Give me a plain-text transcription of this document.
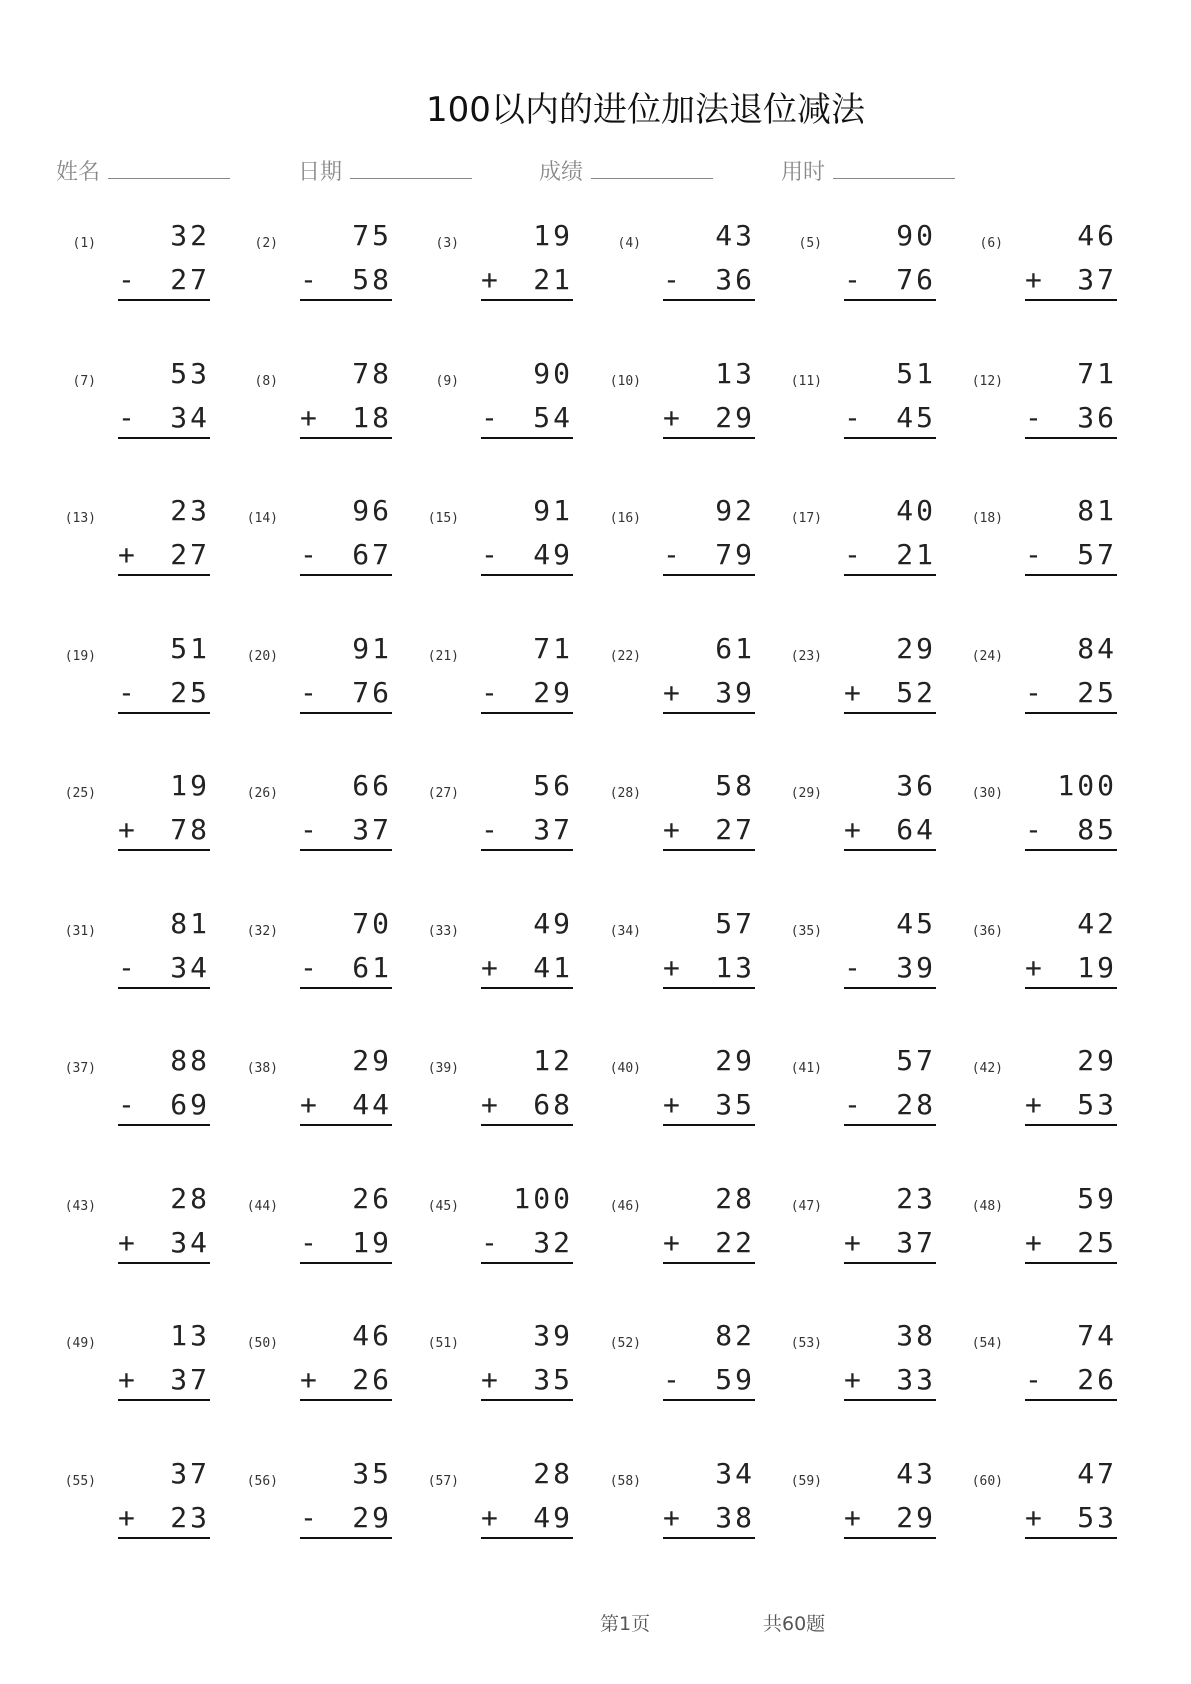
100以内的进位加法退位减法
姓名	日期	成绩	用时
(1)	32
- 27
(2)	75
- 58
(3)	19
+ 21
(4)	43
- 36
(5)	90
- 76
(6)	46
+ 37
(7)	53
- 34
(8)	78
+ 18
(9)	90
- 54
(10)	13
+ 29
(11)	51
- 45
(12)	71
- 36
(13)	23
+ 27
(14)	96
- 67
(15)	91
- 49
(16)	92
- 79
(17)	40
- 21
(18)	81
- 57
(19)	51
- 25
(20)	91
- 76
(21)	71
- 29
(22)	61
+ 39
(23)	29
+ 52
(24)	84
- 25
(25)	19
+ 78
(26)	66
- 37
(27)	56
- 37
(28)	58
+ 27
(29)	36
+ 64
(30)	100
- 85
(31)	81
- 34
(32)	70
- 61
(33)	49
+ 41
(34)	57
+ 13
(35)	45
- 39
(36)	42
+ 19
(37)	88
- 69
(38)	29
+ 44
(39)	12
+ 68
(40)	29
+ 35
(41)	57
- 28
(42)	29
+ 53
(43)	28
+ 34
(44)	26
- 19
(45)	100
- 32
(46)	28
+ 22
(47)	23
+ 37
(48)	59
+ 25
(49)	13
+ 37
(50)	46
+ 26
(51)	39
+ 35
(52)	82
- 59
(53)	38
+ 33
(54)	74
- 26
(55)	37
+ 23
(56)	35
- 29
(57)	28
+ 49
(58)	34
+ 38
(59)	43
+ 29
(60)	47
+ 53
第1页	共60题
